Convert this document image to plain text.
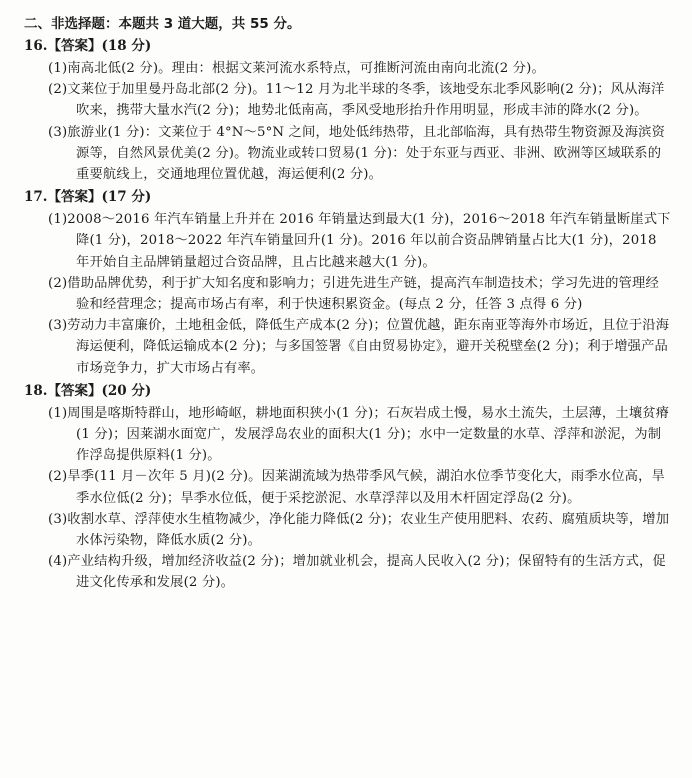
二、非选择题：本题共 3 道大题，共 55 分。
16.【答案】(18 分)
(1)南高北低(2 分)。理由：根据文莱河流水系特点，可推断河流由南向北流(2 分)。
(2)文莱位于加里曼丹岛北部(2 分)。11～12 月为北半球的冬季，该地受东北季风影响(2 分)；风从海洋吹来，携带大量水汽(2 分)；地势北低南高，季风受地形抬升作用明显，形成丰沛的降水(2 分)。
(3)旅游业(1 分)：文莱位于 4°N～5°N 之间，地处低纬热带，且北部临海，具有热带生物资源及海滨资源等，自然风景优美(2 分)。物流业或转口贸易(1 分)：处于东亚与西亚、非洲、欧洲等区域联系的重要航线上，交通地理位置优越，海运便利(2 分)。
17.【答案】(17 分)
(1)2008～2016 年汽车销量上升并在 2016 年销量达到最大(1 分)，2016～2018 年汽车销量断崖式下降(1 分)，2018～2022 年汽车销量回升(1 分)。2016 年以前合资品牌销量占比大(1 分)，2018 年开始自主品牌销量超过合资品牌，且占比越来越大(1 分)。
(2)借助品牌优势，利于扩大知名度和影响力；引进先进生产链，提高汽车制造技术；学习先进的管理经验和经营理念；提高市场占有率，利于快速积累资金。(每点 2 分，任答 3 点得 6 分)
(3)劳动力丰富廉价，土地租金低，降低生产成本(2 分)；位置优越，距东南亚等海外市场近，且位于沿海海运便利，降低运输成本(2 分)；与多国签署《自由贸易协定》，避开关税壁垒(2 分)；利于增强产品市场竞争力，扩大市场占有率。
18.【答案】(20 分)
(1)周围是喀斯特群山，地形崎岖，耕地面积狭小(1 分)；石灰岩成土慢，易水土流失，土层薄，土壤贫瘠(1 分)；因莱湖水面宽广，发展浮岛农业的面积大(1 分)；水中一定数量的水草、浮萍和淤泥，为制作浮岛提供原料(1 分)。
(2)旱季(11 月－次年 5 月)(2 分)。因莱湖流域为热带季风气候，湖泊水位季节变化大，雨季水位高，旱季水位低(2 分)；旱季水位低，便于采挖淤泥、水草浮萍以及用木杆固定浮岛(2 分)。
(3)收割水草、浮萍使水生植物减少，净化能力降低(2 分)；农业生产使用肥料、农药、腐殖质块等，增加水体污染物，降低水质(2 分)。
(4)产业结构升级，增加经济收益(2 分)；增加就业机会，提高人民收入(2 分)；保留特有的生活方式，促进文化传承和发展(2 分)。
